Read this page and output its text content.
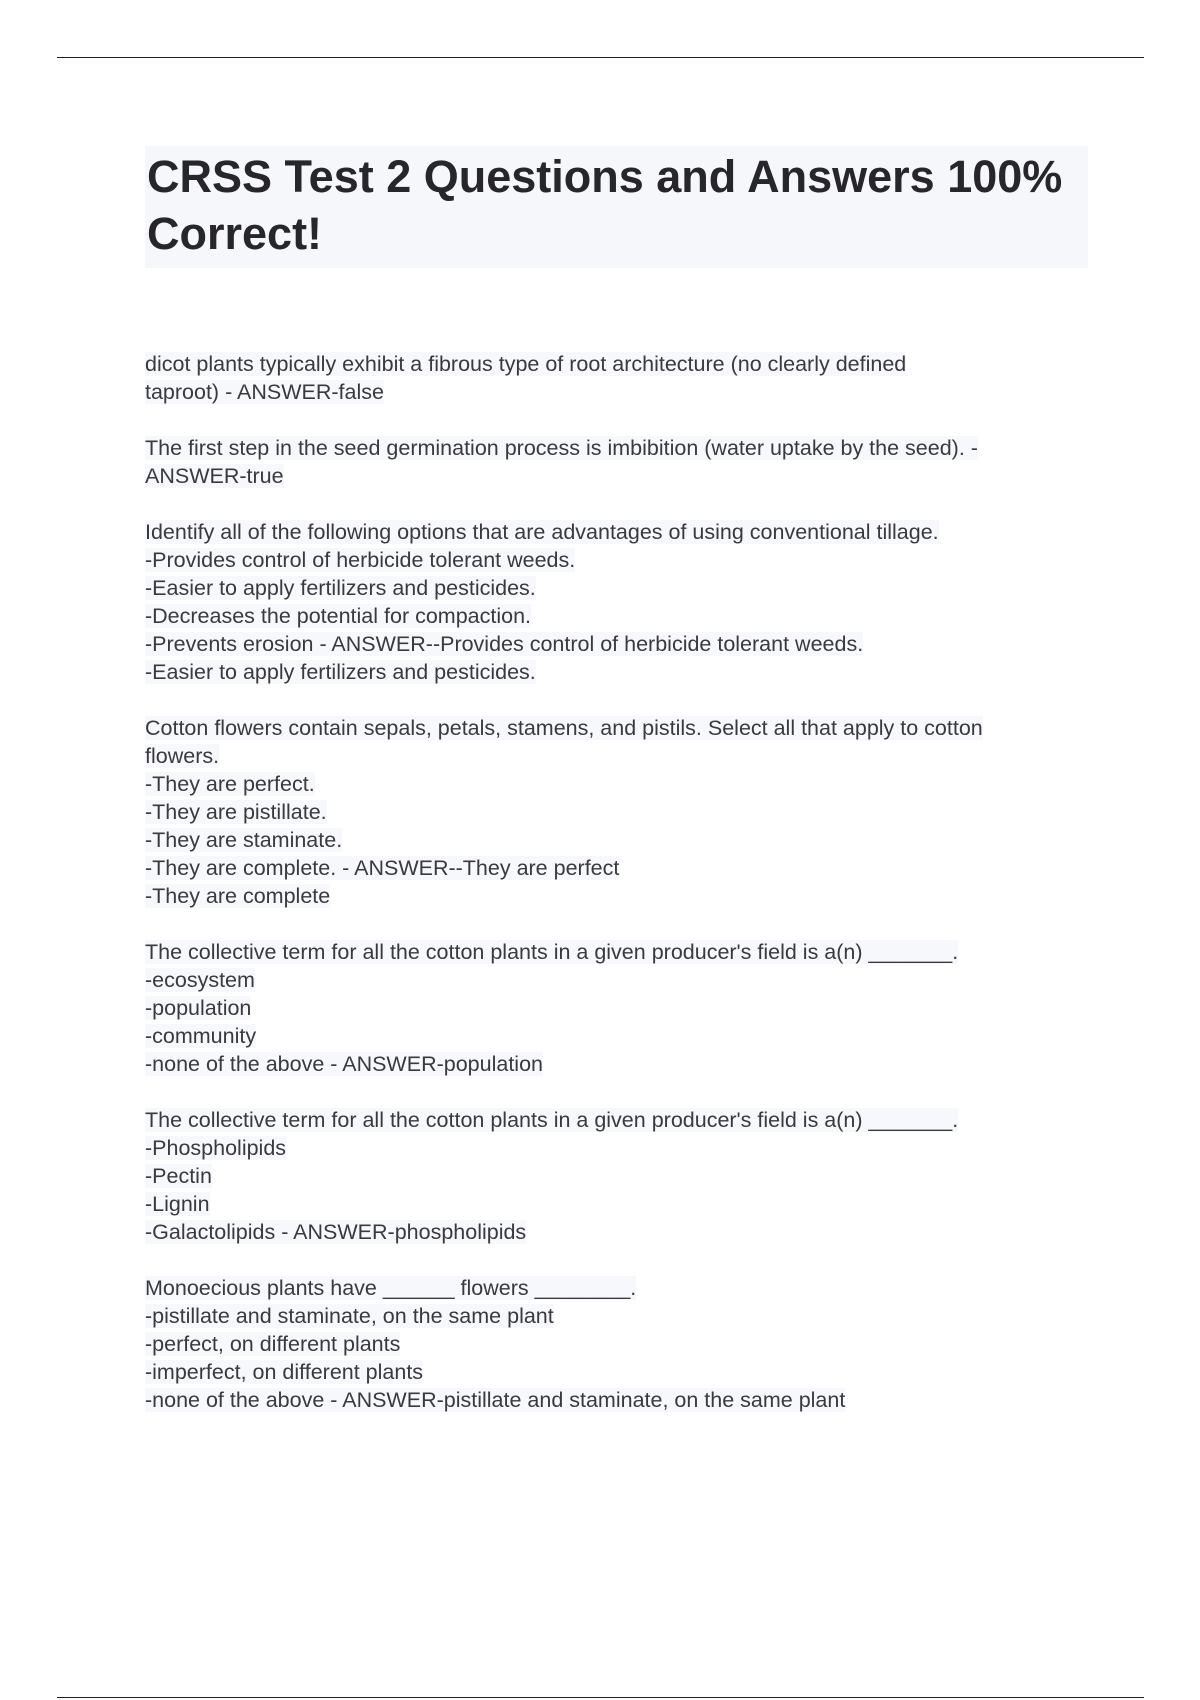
CRSS Test 2 Questions and Answers 100% Correct!

dicot plants typically exhibit a fibrous type of root architecture (no clearly defined
taproot) - ANSWER-false

The first step in the seed germination process is imbibition (water uptake by the seed). -
ANSWER-true

Identify all of the following options that are advantages of using conventional tillage.
-Provides control of herbicide tolerant weeds.
-Easier to apply fertilizers and pesticides.
-Decreases the potential for compaction.
-Prevents erosion - ANSWER--Provides control of herbicide tolerant weeds.
-Easier to apply fertilizers and pesticides.

Cotton flowers contain sepals, petals, stamens, and pistils. Select all that apply to cotton
flowers.
-They are perfect.
-They are pistillate.
-They are staminate.
-They are complete. - ANSWER--They are perfect
-They are complete

The collective term for all the cotton plants in a given producer's field is a(n) _______.
-ecosystem
-population
-community
-none of the above - ANSWER-population

The collective term for all the cotton plants in a given producer's field is a(n) _______.
-Phospholipids
-Pectin
-Lignin
-Galactolipids - ANSWER-phospholipids

Monoecious plants have ______ flowers ________.
-pistillate and staminate, on the same plant
-perfect, on different plants
-imperfect, on different plants
-none of the above - ANSWER-pistillate and staminate, on the same plant
